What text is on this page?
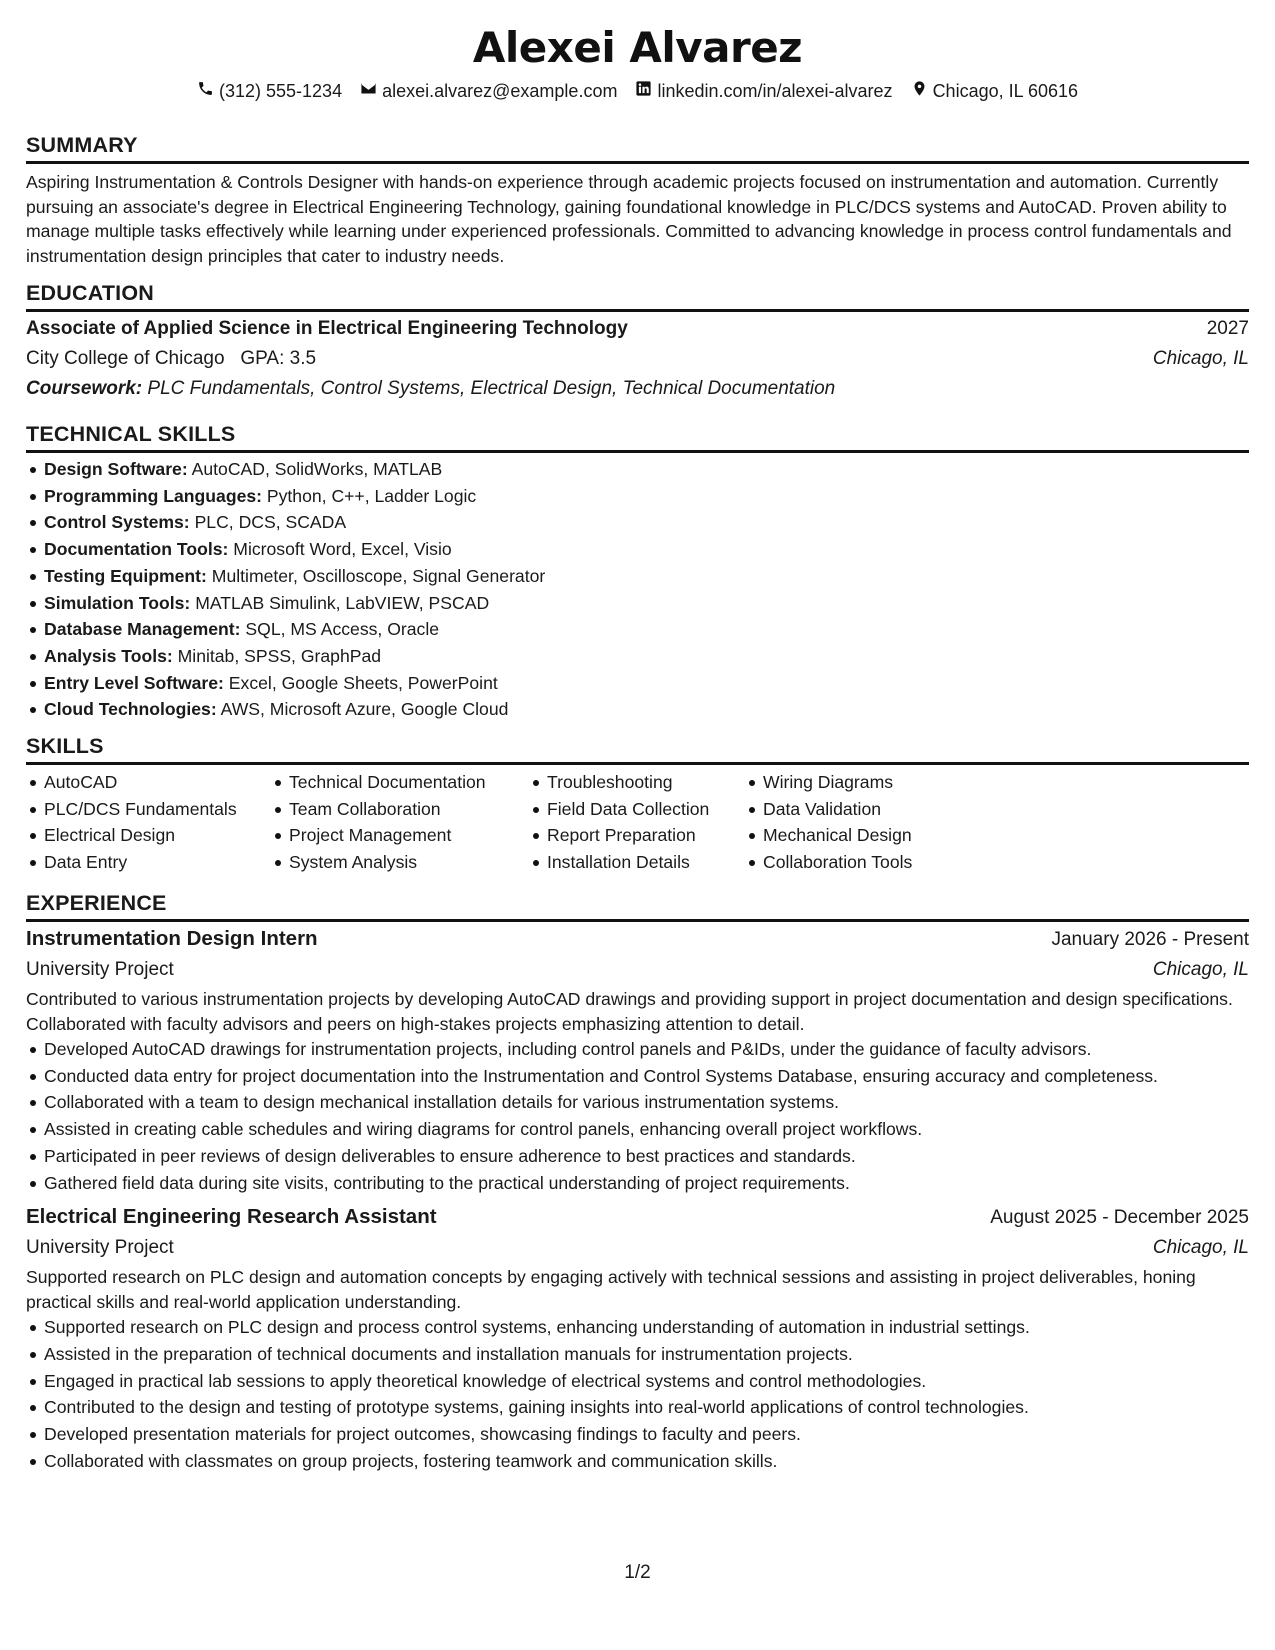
Alexei Alvarez
(312) 555-1234 alexei.alvarez@example.com linkedin.com/in/alexei-alvarez Chicago, IL 60616
SUMMARY
Aspiring Instrumentation & Controls Designer with hands-on experience through academic projects focused on instrumentation and automation. Currently pursuing an associate's degree in Electrical Engineering Technology, gaining foundational knowledge in PLC/DCS systems and AutoCAD. Proven ability to manage multiple tasks effectively while learning under experienced professionals. Committed to advancing knowledge in process control fundamentals and instrumentation design principles that cater to industry needs.
EDUCATION
Associate of Applied Science in Electrical Engineering Technology	2027
City College of Chicago GPA: 3.5	Chicago, IL
Coursework: PLC Fundamentals, Control Systems, Electrical Design, Technical Documentation
TECHNICAL SKILLS
Design Software: AutoCAD, SolidWorks, MATLAB
Programming Languages: Python, C++, Ladder Logic
Control Systems: PLC, DCS, SCADA
Documentation Tools: Microsoft Word, Excel, Visio
Testing Equipment: Multimeter, Oscilloscope, Signal Generator
Simulation Tools: MATLAB Simulink, LabVIEW, PSCAD
Database Management: SQL, MS Access, Oracle
Analysis Tools: Minitab, SPSS, GraphPad
Entry Level Software: Excel, Google Sheets, PowerPoint
Cloud Technologies: AWS, Microsoft Azure, Google Cloud
SKILLS
AutoCAD
PLC/DCS Fundamentals
Electrical Design
Data Entry
Technical Documentation
Team Collaboration
Project Management
System Analysis
Troubleshooting
Field Data Collection
Report Preparation
Installation Details
Wiring Diagrams
Data Validation
Mechanical Design
Collaboration Tools
EXPERIENCE
Instrumentation Design Intern	January 2026 - Present
University Project	Chicago, IL
Contributed to various instrumentation projects by developing AutoCAD drawings and providing support in project documentation and design specifications. Collaborated with faculty advisors and peers on high-stakes projects emphasizing attention to detail.
Developed AutoCAD drawings for instrumentation projects, including control panels and P&IDs, under the guidance of faculty advisors.
Conducted data entry for project documentation into the Instrumentation and Control Systems Database, ensuring accuracy and completeness.
Collaborated with a team to design mechanical installation details for various instrumentation systems.
Assisted in creating cable schedules and wiring diagrams for control panels, enhancing overall project workflows.
Participated in peer reviews of design deliverables to ensure adherence to best practices and standards.
Gathered field data during site visits, contributing to the practical understanding of project requirements.
Electrical Engineering Research Assistant	August 2025 - December 2025
University Project	Chicago, IL
Supported research on PLC design and automation concepts by engaging actively with technical sessions and assisting in project deliverables, honing practical skills and real-world application understanding.
Supported research on PLC design and process control systems, enhancing understanding of automation in industrial settings.
Assisted in the preparation of technical documents and installation manuals for instrumentation projects.
Engaged in practical lab sessions to apply theoretical knowledge of electrical systems and control methodologies.
Contributed to the design and testing of prototype systems, gaining insights into real-world applications of control technologies.
Developed presentation materials for project outcomes, showcasing findings to faculty and peers.
Collaborated with classmates on group projects, fostering teamwork and communication skills.
1/2
